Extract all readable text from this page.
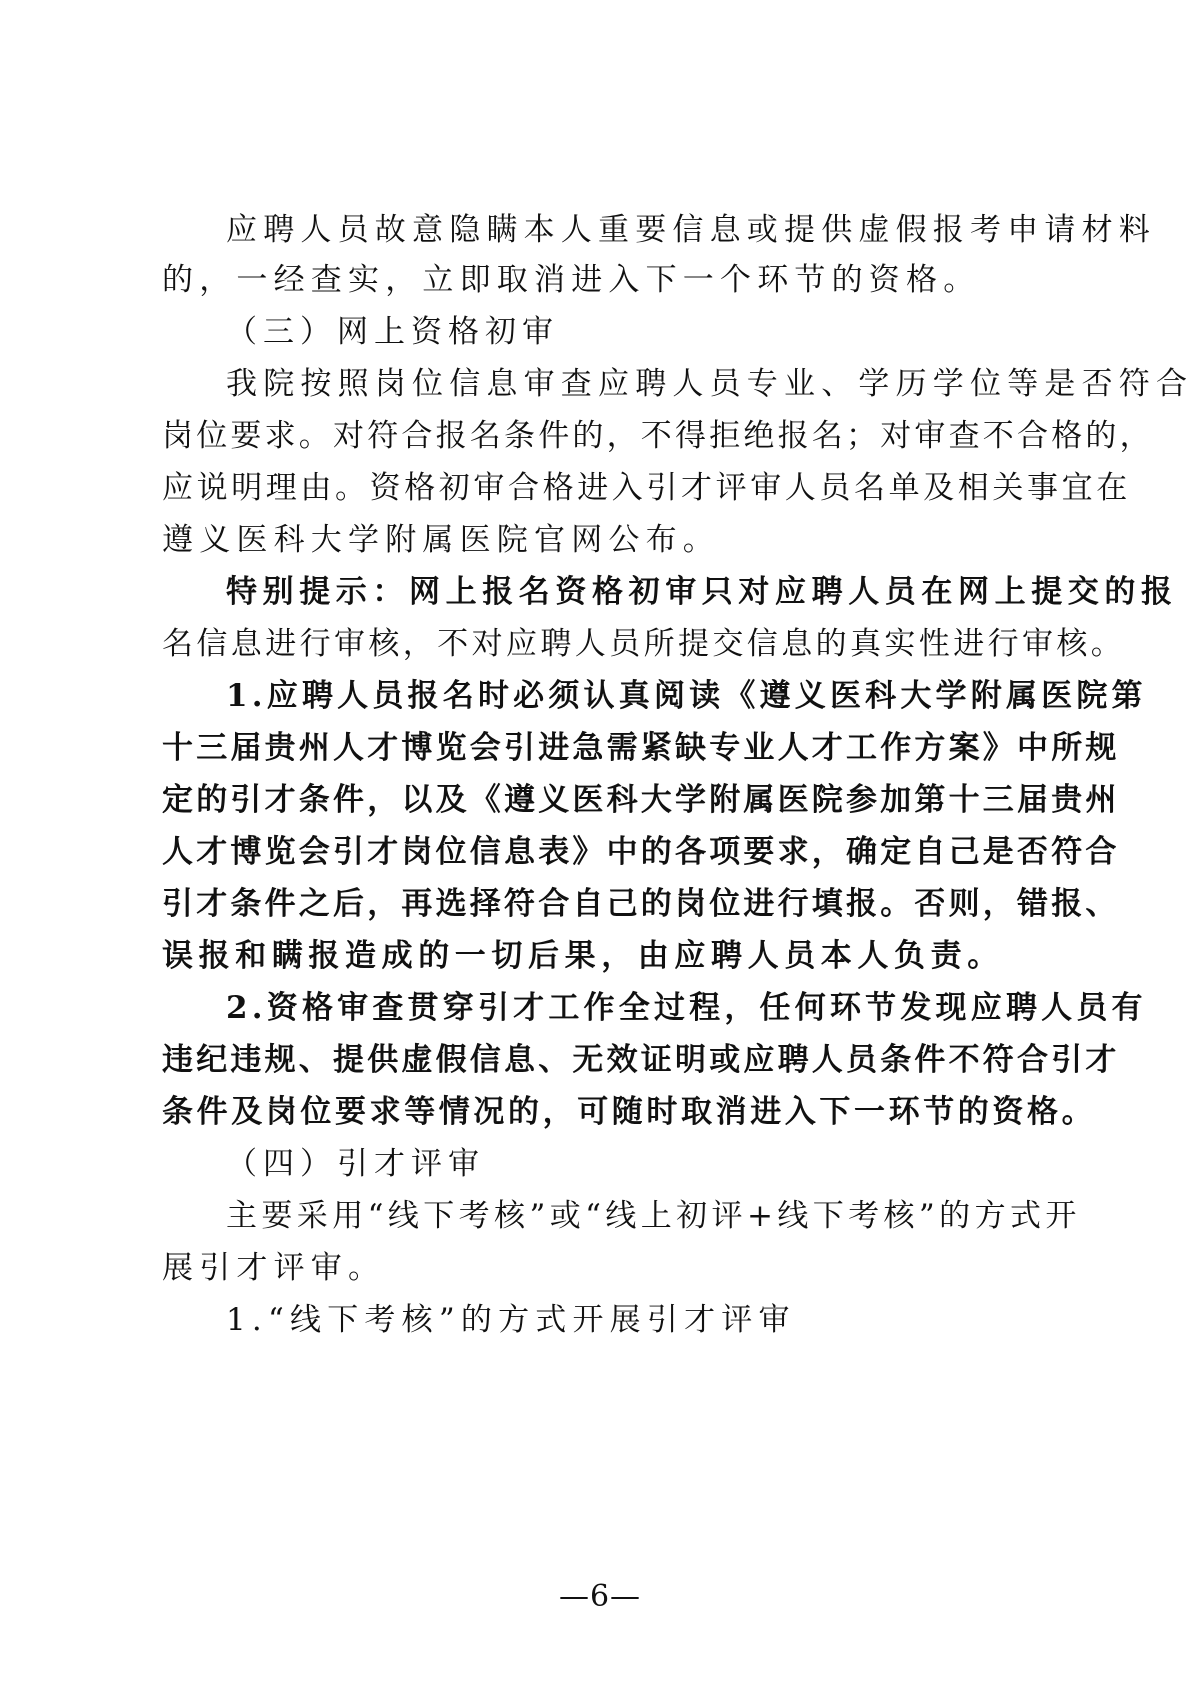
应聘人员故意隐瞒本人重要信息或提供虚假报考申请材料
的，一经查实，立即取消进入下一个环节的资格。
（三）网上资格初审
我院按照岗位信息审查应聘人员专业、学历学位等是否符合
岗位要求。对符合报名条件的，不得拒绝报名；对审查不合格的，
应说明理由。资格初审合格进入引才评审人员名单及相关事宜在
遵义医科大学附属医院官网公布。
特别提示：网上报名资格初审只对应聘人员在网上提交的报
名信息进行审核，不对应聘人员所提交信息的真实性进行审核。
1.应聘人员报名时必须认真阅读《遵义医科大学附属医院第
十三届贵州人才博览会引进急需紧缺专业人才工作方案》中所规
定的引才条件，以及《遵义医科大学附属医院参加第十三届贵州
人才博览会引才岗位信息表》中的各项要求，确定自己是否符合
引才条件之后，再选择符合自己的岗位进行填报。否则，错报、
误报和瞒报造成的一切后果，由应聘人员本人负责。
2.资格审查贯穿引才工作全过程，任何环节发现应聘人员有
违纪违规、提供虚假信息、无效证明或应聘人员条件不符合引才
条件及岗位要求等情况的，可随时取消进入下一环节的资格。
（四）引才评审
主要采用“线下考核”或“线上初评+线下考核”的方式开
展引才评审。
1.“线下考核”的方式开展引才评审
—6—
